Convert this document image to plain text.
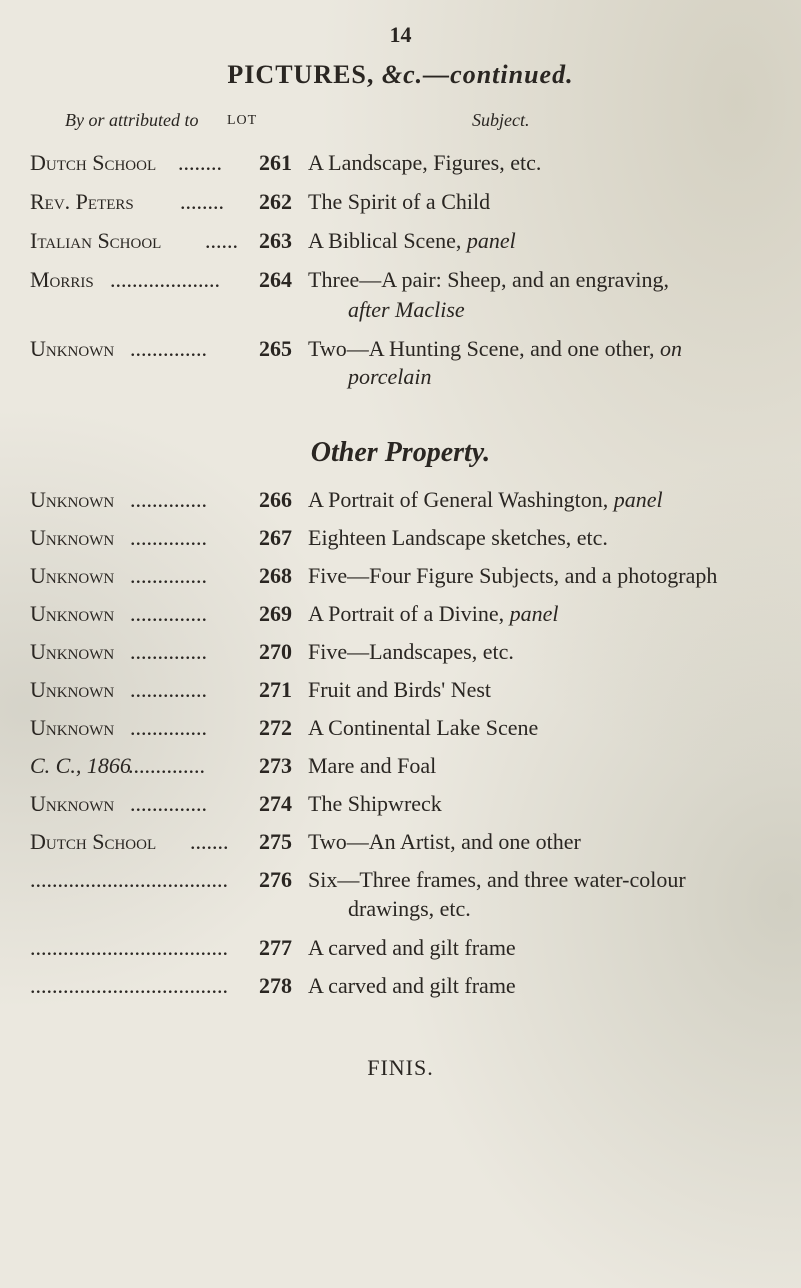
14
PICTURES, &c.—continued.
By or attributed to LOT	Subject.
Dutch School ........ 261 A Landscape, Figures, etc.
Rev. Peters ........ 262 The Spirit of a Child
Italian School ...... 263 A Biblical Scene, panel
Morris .................... 264 Three—A pair: Sheep, and an engraving,
after Maclise
Unknown .............. 265 Two—A Hunting Scene, and one other, on
porcelain
Other Property.
Unknown .............. 266 A Portrait of General Washington, panel
Unknown .............. 267 Eighteen Landscape sketches, etc.
Unknown .............. 268 Five—Four Figure Subjects, and a photograph
Unknown .............. 269 A Portrait of a Divine, panel
Unknown .............. 270 Five—Landscapes, etc.
Unknown .............. 271 Fruit and Birds' Nest
Unknown .............. 272 A Continental Lake Scene
C. C., 1866
.............. 273 Mare and Foal
Unknown .............. 274 The Shipwreck
Dutch School ....... 275 Two—An Artist, and one other
.................................... 276 Six—Three frames, and three water-colour
drawings, etc.
.................................... 277 A carved and gilt frame
.................................... 278 A carved and gilt frame
FINIS.
